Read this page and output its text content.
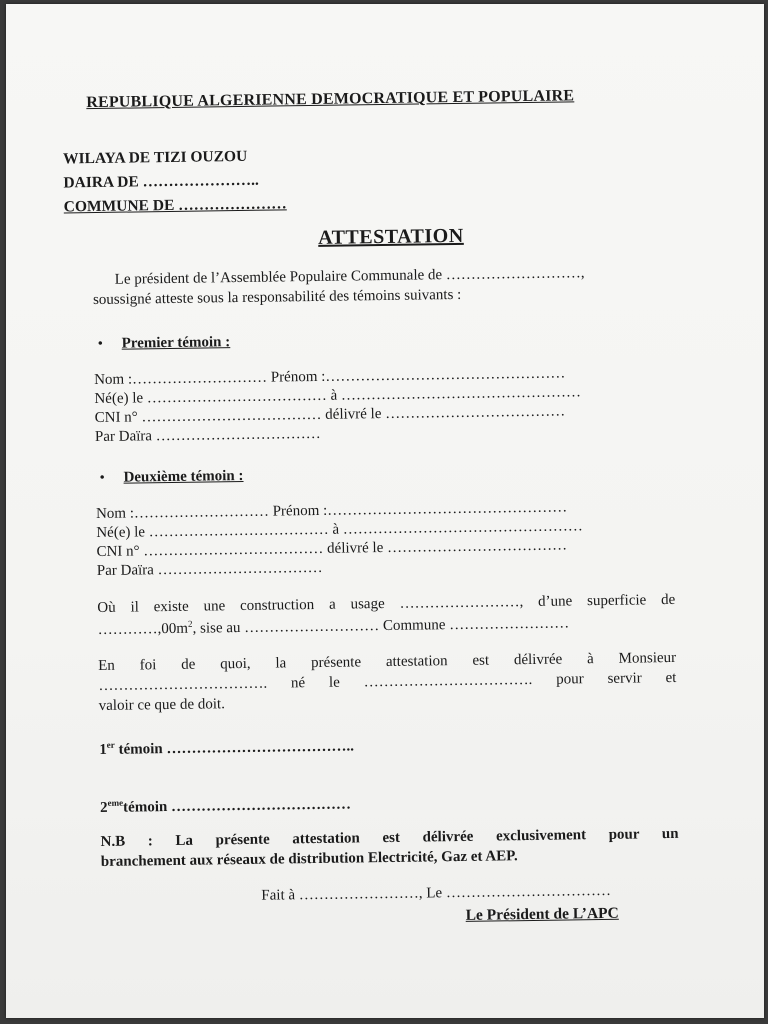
REPUBLIQUE ALGERIENNE DEMOCRATIQUE ET POPULAIRE
WILAYA DE TIZI OUZOU
DAIRA DE …………………..
COMMUNE DE …………………
ATTESTATION
Le président de l’Assemblée Populaire Communale de ………………………,
soussigné atteste sous la responsabilité des témoins suivants :
• Premier témoin :
Nom :……………………… Prénom :…………………………………………
Né(e) le ……………………………… à …………………………………………
CNI n° ……………………………… délivré le ………………………………
Par Daïra ……………………………
• Deuxième témoin :
Nom :……………………… Prénom :…………………………………………
Né(e) le ……………………………… à …………………………………………
CNI n° ……………………………… délivré le ………………………………
Par Daïra ……………………………
Où il existe une construction a usage ……………………, d’une superficie de
$\dots\dots\dots\dots,00m^2$, sise au ……………………… Commune ……………………
En foi de quoi, la présente attestation est délivrée à Monsieur
……………………………. né le ……………………………. pour servir et
valoir ce que de doit.
1er témoin ………………………………..
2emetémoin ………………………………
N.B : La présente attestation est délivrée exclusivement pour un
branchement aux réseaux de distribution Electricité, Gaz et AEP.
Fait à ……………………, Le ……………………………
Le Président de L’APC
